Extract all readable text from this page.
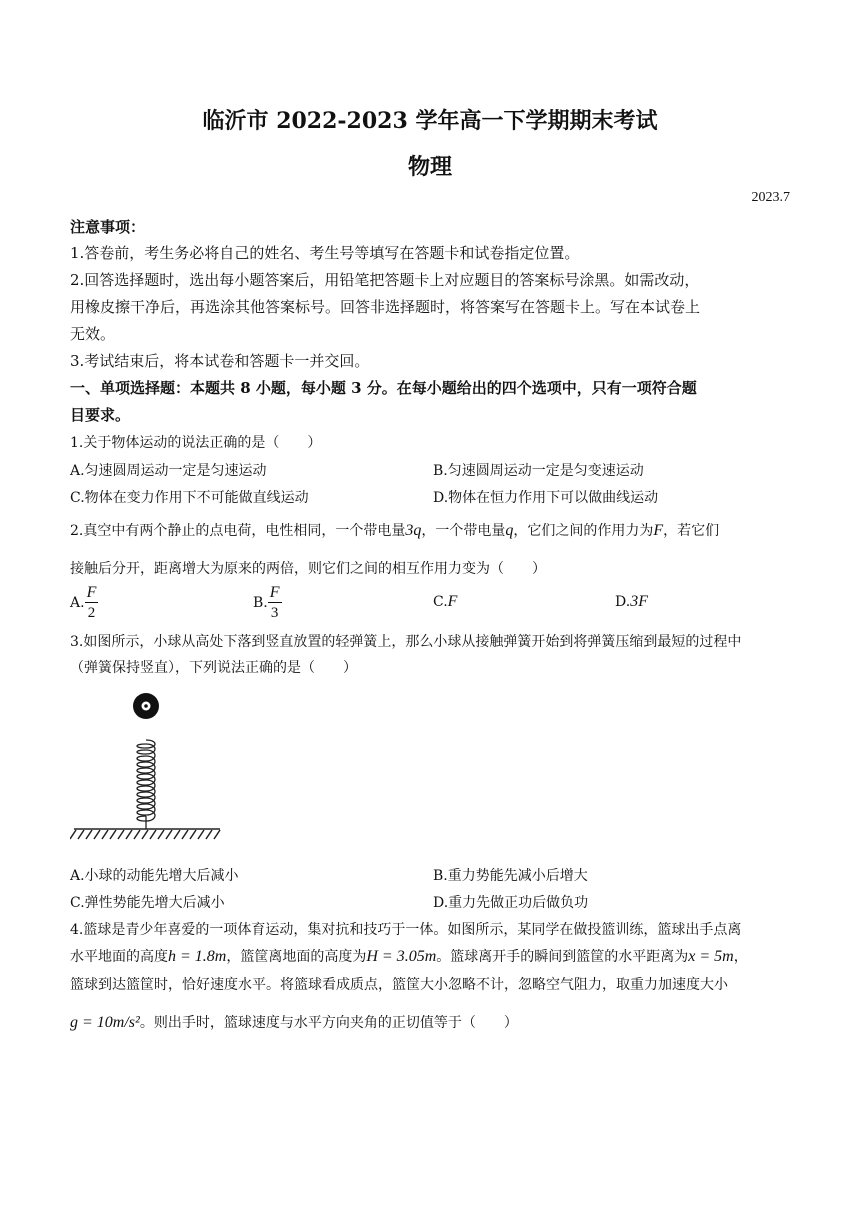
临沂市 2022-2023 学年高一下学期期末考试
物理
2023.7
注意事项：
1.答卷前，考生务必将自己的姓名、考生号等填写在答题卡和试卷指定位置。
2.回答选择题时，选出每小题答案后，用铅笔把答题卡上对应题目的答案标号涂黑。如需改动，
用橡皮擦干净后，再选涂其他答案标号。回答非选择题时，将答案写在答题卡上。写在本试卷上
无效。
3.考试结束后，将本试卷和答题卡一并交回。
一、单项选择题：本题共 8 小题，每小题 3 分。在每小题给出的四个选项中，只有一项符合题
目要求。
1.关于物体运动的说法正确的是（　　）
A.匀速圆周运动一定是匀速运动	B.匀速圆周运动一定是匀变速运动
C.物体在变力作用下不可能做直线运动	D.物体在恒力作用下可以做曲线运动
2.真空中有两个静止的点电荷，电性相同，一个带电量3q，一个带电量q，它们之间的作用力为F，若它们
接触后分开，距离增大为原来的两倍，则它们之间的相互作用力变为（　　）
A. $\frac{F}{2}$	B. $\frac{F}{3}$	C.F	D.3F
3.如图所示，小球从高处下落到竖直放置的轻弹簧上，那么小球从接触弹簧开始到将弹簧压缩到最短的过程中
（弹簧保持竖直），下列说法正确的是（　　）
A.小球的动能先增大后减小	B.重力势能先减小后增大
C.弹性势能先增大后减小	D.重力先做正功后做负功
4.篮球是青少年喜爱的一项体育运动，集对抗和技巧于一体。如图所示，某同学在做投篮训练，篮球出手点离
水平地面的高度h = 1.8m，篮筐离地面的高度为H = 3.05m。篮球离开手的瞬间到篮筐的水平距离为x = 5m，
篮球到达篮筐时，恰好速度水平。将篮球看成质点，篮筐大小忽略不计，忽略空气阻力，取重力加速度大小
g = 10m/s²。则出手时，篮球速度与水平方向夹角的正切值等于（　　）
